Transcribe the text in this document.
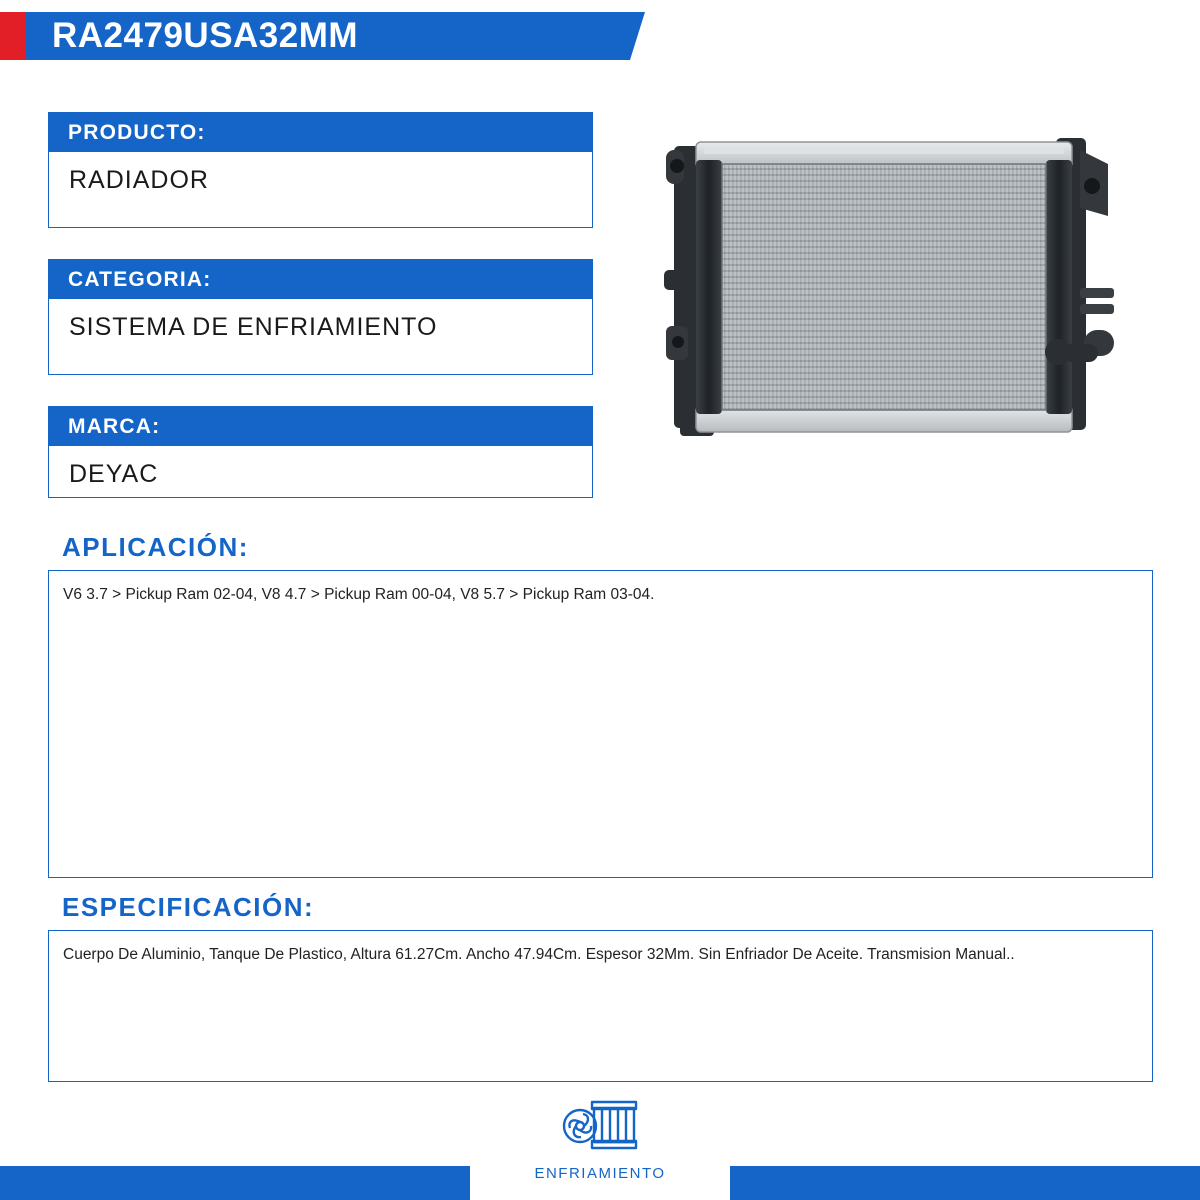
RA2479USA32MM
PRODUCTO:
RADIADOR
CATEGORIA:
SISTEMA DE ENFRIAMIENTO
MARCA:
DEYAC
APLICACIÓN:
V6 3.7 > Pickup Ram 02-04, V8 4.7 > Pickup Ram 00-04, V8 5.7 > Pickup Ram 03-04.
ESPECIFICACIÓN:
Cuerpo De Aluminio, Tanque De Plastico, Altura 61.27Cm. Ancho 47.94Cm. Espesor 32Mm. Sin Enfriador De Aceite. Transmision Manual..
ENFRIAMIENTO
